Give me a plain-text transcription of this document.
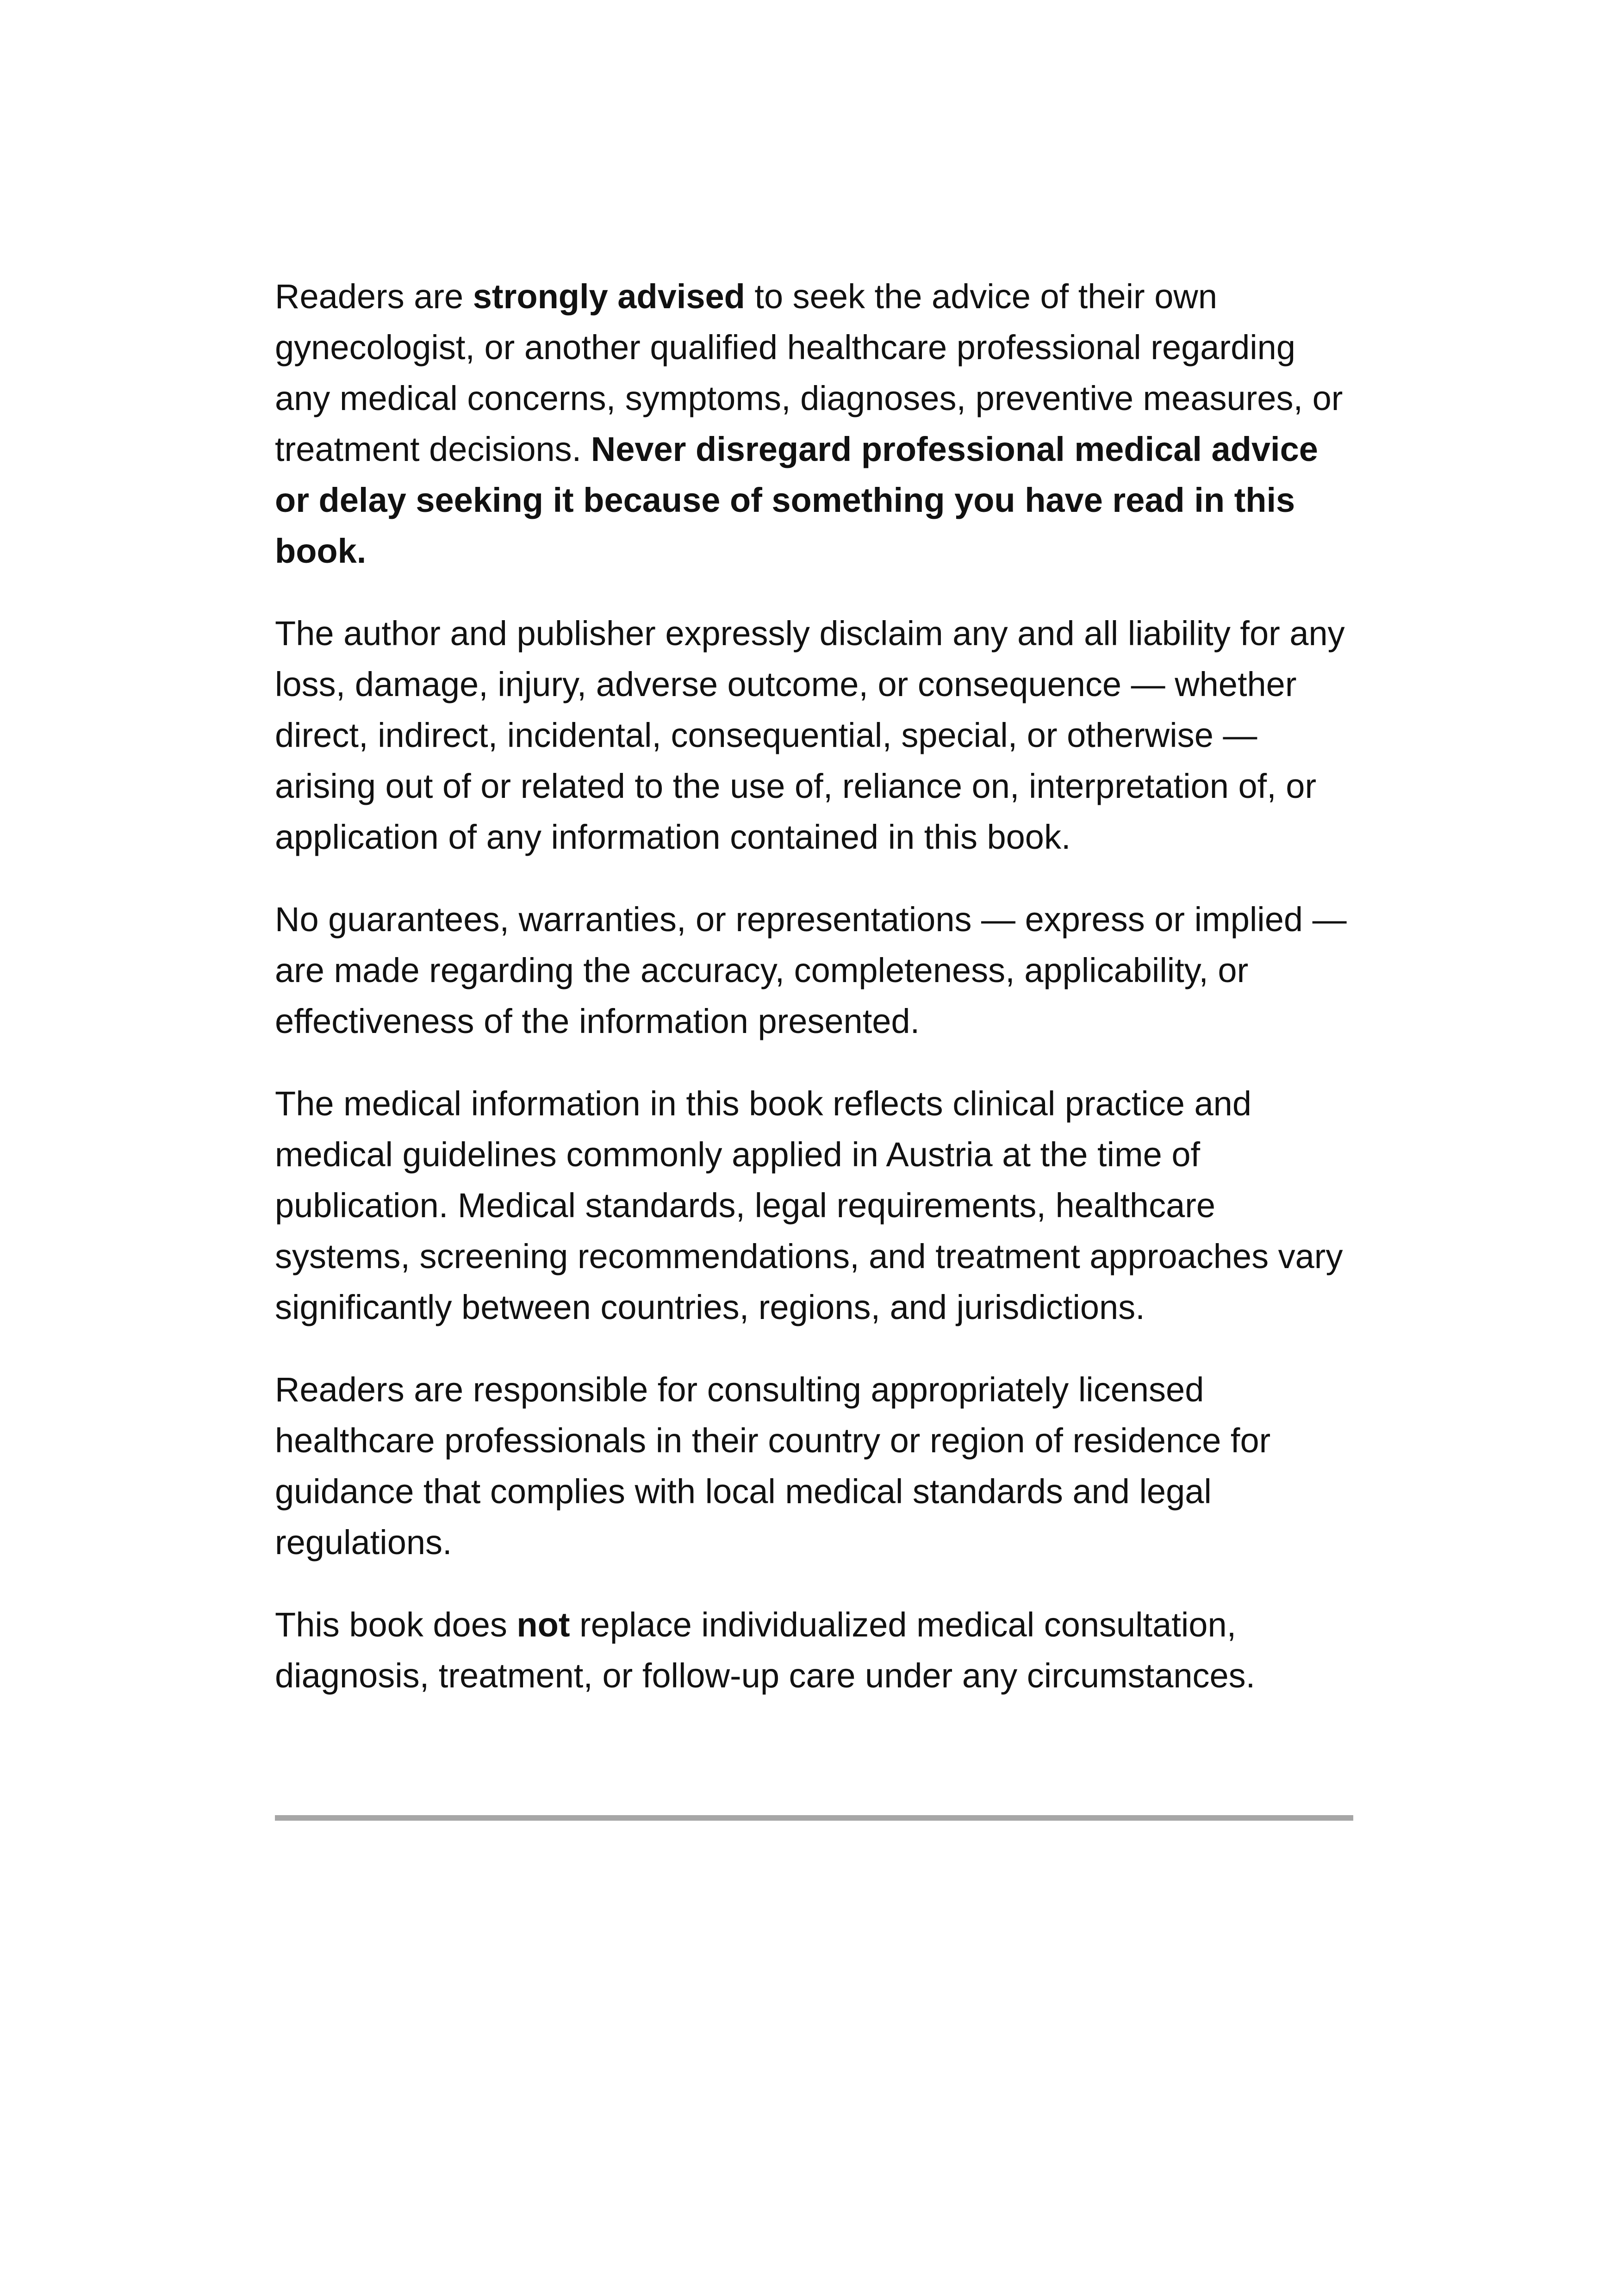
Readers are strongly advised to seek the advice of their own gynecologist, or another qualified healthcare professional regarding any medical concerns, symptoms, diagnoses, preventive measures, or treatment decisions. Never disregard professional medical advice or delay seeking it because of something you have read in this book.

The author and publisher expressly disclaim any and all liability for any loss, damage, injury, adverse outcome, or consequence — whether direct, indirect, incidental, consequential, special, or otherwise —arising out of or related to the use of, reliance on, interpretation of, or application of any information contained in this book.

No guarantees, warranties, or representations — express or implied — are made regarding the accuracy, completeness, applicability, or effectiveness of the information presented.

The medical information in this book reflects clinical practice and medical guidelines commonly applied in Austria at the time of publication. Medical standards, legal requirements, healthcare systems, screening recommendations, and treatment approaches vary significantly between countries, regions, and jurisdictions.

Readers are responsible for consulting appropriately licensed healthcare professionals in their country or region of residence for guidance that complies with local medical standards and legal regulations.

This book does not replace individualized medical consultation, diagnosis, treatment, or follow-up care under any circumstances.
